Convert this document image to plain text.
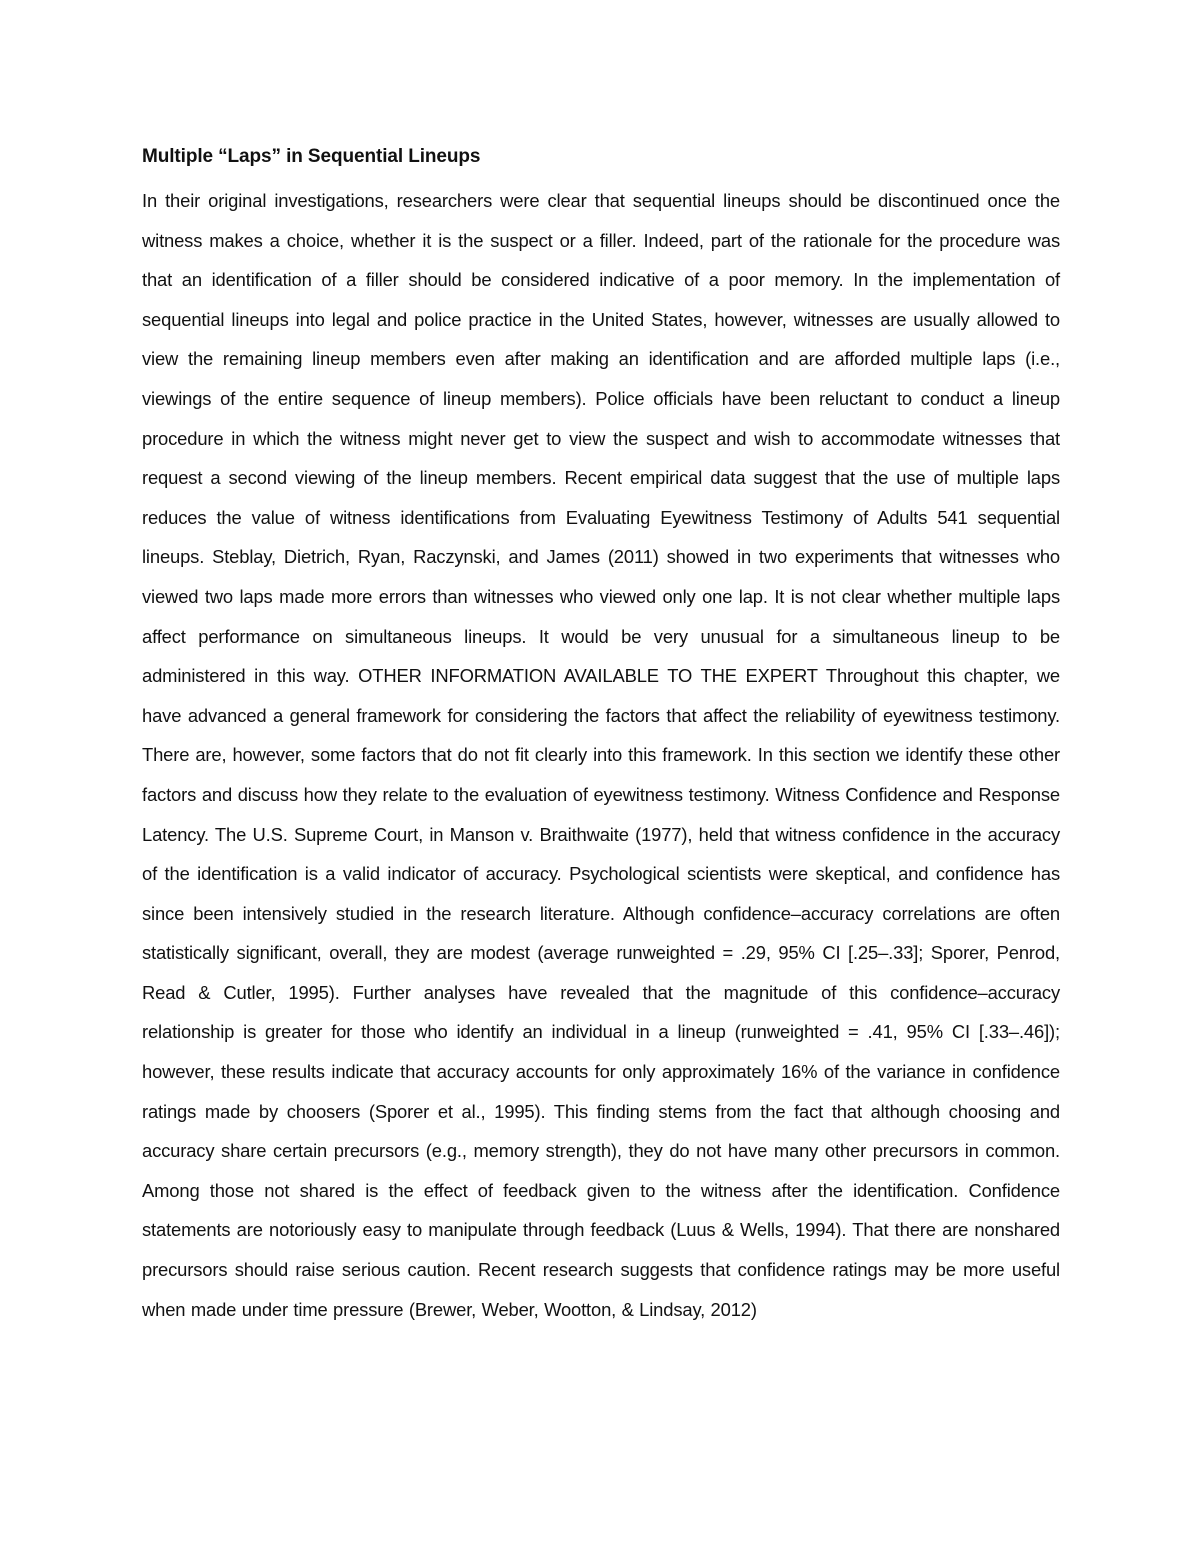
Multiple “Laps” in Sequential Lineups

In their original investigations, researchers were clear that sequential lineups should be discontinued once the witness makes a choice, whether it is the suspect or a filler. Indeed, part of the rationale for the procedure was that an identification of a filler should be considered indicative of a poor memory. In the implementation of sequential lineups into legal and police practice in the United States, however, witnesses are usually allowed to view the remaining lineup members even after making an identification and are afforded multiple laps (i.e., viewings of the entire sequence of lineup members). Police officials have been reluctant to conduct a lineup procedure in which the witness might never get to view the suspect and wish to accommodate witnesses that request a second viewing of the lineup members. Recent empirical data suggest that the use of multiple laps reduces the value of witness identifications from Evaluating Eyewitness Testimony of Adults 541 sequential lineups. Steblay, Dietrich, Ryan, Raczynski, and James (2011) showed in two experiments that witnesses who viewed two laps made more errors than witnesses who viewed only one lap. It is not clear whether multiple laps affect performance on simultaneous lineups. It would be very unusual for a simultaneous lineup to be administered in this way. OTHER INFORMATION AVAILABLE TO THE EXPERT Throughout this chapter, we have advanced a general framework for considering the factors that affect the reliability of eyewitness testimony. There are, however, some factors that do not fit clearly into this framework. In this section we identify these other factors and discuss how they relate to the evaluation of eyewitness testimony. Witness Confidence and Response Latency. The U.S. Supreme Court, in Manson v. Braithwaite (1977), held that witness confidence in the accuracy of the identification is a valid indicator of accuracy. Psychological scientists were skeptical, and confidence has since been intensively studied in the research literature. Although confidence–accuracy correlations are often statistically significant, overall, they are modest (average runweighted = .29, 95% CI [.25–.33]; Sporer, Penrod, Read & Cutler, 1995). Further analyses have revealed that the magnitude of this confidence–accuracy relationship is greater for those who identify an individual in a lineup (runweighted = .41, 95% CI [.33–.46]); however, these results indicate that accuracy accounts for only approximately 16% of the variance in confidence ratings made by choosers (Sporer et al., 1995). This finding stems from the fact that although choosing and accuracy share certain precursors (e.g., memory strength), they do not have many other precursors in common. Among those not shared is the effect of feedback given to the witness after the identification. Confidence statements are notoriously easy to manipulate through feedback (Luus & Wells, 1994). That there are nonshared precursors should raise serious caution. Recent research suggests that confidence ratings may be more useful when made under time pressure (Brewer, Weber, Wootton, & Lindsay, 2012)
